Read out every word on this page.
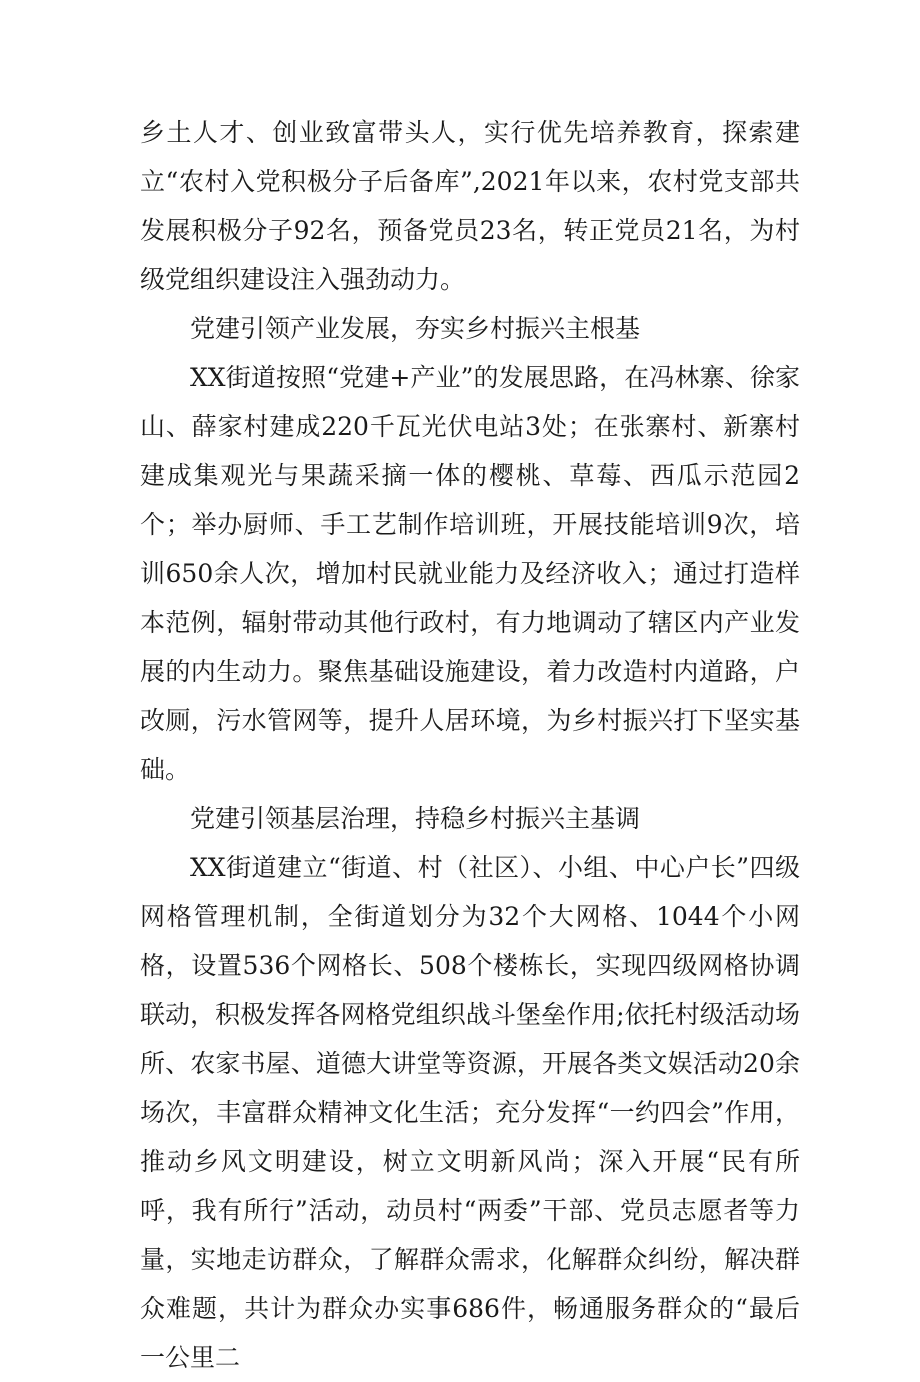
乡土人才、创业致富带头人，实行优先培养教育，探索建立“农村入党积极分子后备库”,2021年以来，农村党支部共发展积极分子92名，预备党员23名，转正党员21名，为村级党组织建设注入强劲动力。

党建引领产业发展，夯实乡村振兴主根基

XX街道按照“党建+产业”的发展思路，在冯林寨、徐家山、薛家村建成220千瓦光伏电站3处；在张寨村、新寨村建成集观光与果蔬采摘一体的樱桃、草莓、西瓜示范园2个；举办厨师、手工艺制作培训班，开展技能培训9次，培训650余人次，增加村民就业能力及经济收入；通过打造样本范例，辐射带动其他行政村，有力地调动了辖区内产业发展的内生动力。聚焦基础设施建设，着力改造村内道路，户改厕，污水管网等，提升人居环境，为乡村振兴打下坚实基础。

党建引领基层治理，持稳乡村振兴主基调

XX街道建立“街道、村（社区）、小组、中心户长”四级网格管理机制，全街道划分为32个大网格、1044个小网格，设置536个网格长、508个楼栋长，实现四级网格协调联动，积极发挥各网格党组织战斗堡垒作用;依托村级活动场所、农家书屋、道德大讲堂等资源，开展各类文娱活动20余场次，丰富群众精神文化生活；充分发挥“一约四会”作用，推动乡风文明建设，树立文明新风尚；深入开展“民有所呼，我有所行”活动，动员村“两委”干部、党员志愿者等力量，实地走访群众，了解群众需求，化解群众纠纷，解决群众难题，共计为群众办实事686件，畅通服务群众的“最后一公里二
